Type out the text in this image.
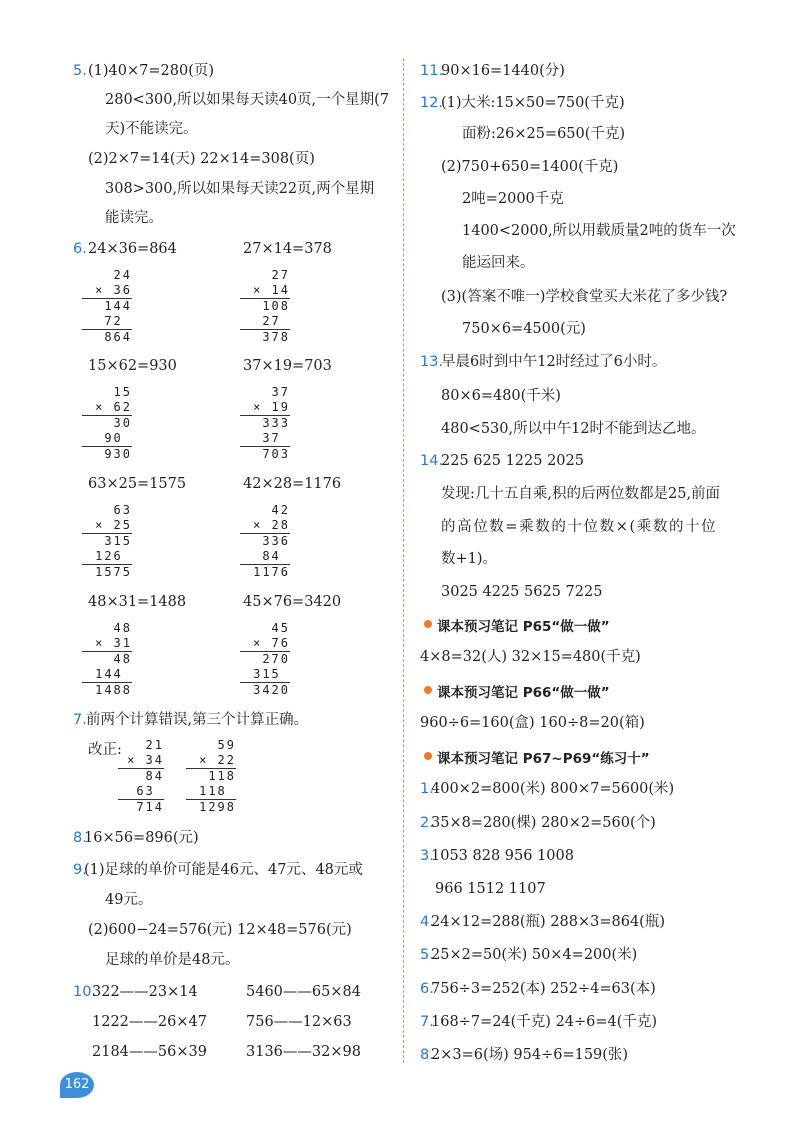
5. (1)40×7=280(页)
280<300,所以如果每天读40页,一个星期(7
天)不能读完。
(2)2×7=14(天) 22×14=308(页)
308>300,所以如果每天读22页,两个星期
能读完。
6. 24×36=864	27×14=378
24
× 36
144
72
864
27
× 14
108
27
378
15×62=930	37×19=703
15
× 62
30
90
930
37
× 19
333
37
703
63×25=1575	42×28=1176
63
× 25
315
126
1575
42
× 28
336
84
1176
48×31=1488	45×76=3420
48
× 31
48
144
1488
45
× 76
270
315
3420
7. 前两个计算错误,第三个计算正确。
改正:	21
× 34
84
63
714
59
× 22
118
118
1298
8.
16×56=896(元)
9.
(1)足球的单价可能是46元、47元、48元或
49元。
(2)600−24=576(元) 12×48=576(元)
足球的单价是48元。
10.
322——23×14	5460——65×84
1222——26×47	756——12×63
2184——56×39	3136——32×98
11.
90×16=1440(分)
12.
(1)大米:15×50=750(千克)
面粉:26×25=650(千克)
(2)750+650=1400(千克)
2吨=2000千克
1400<2000,所以用载质量2吨的货车一次
能运回来。
(3)(答案不唯一)学校食堂买大米花了多少钱?
750×6=4500(元)
13.
早晨6时到中午12时经过了6小时。
80×6=480(千米)
480<530,所以中午12时不能到达乙地。
14.
225 625 1225 2025
发现:几十五自乘,积的后两位数都是25,前面
的高位数=乘数的十位数×(乘数的十位
数+1)。
3025 4225 5625 7225
课本预习笔记 P65“做一做”
4×8=32(人) 32×15=480(千克)
课本预习笔记 P66“做一做”
960÷6=160(盒) 160÷8=20(箱)
课本预习笔记 P67~P69“练习十”
1.
400×2=800(米) 800×7=5600(米)
2.
35×8=280(棵) 280×2=560(个)
3.
1053 828 956 1008
966 1512 1107
4.
24×12=288(瓶) 288×3=864(瓶)
5.
25×2=50(米) 50×4=200(米)
6.
756÷3=252(本) 252÷4=63(本)
7.
168÷7=24(千克) 24÷6=4(千克)
8.
2×3=6(场) 954÷6=159(张)
162
